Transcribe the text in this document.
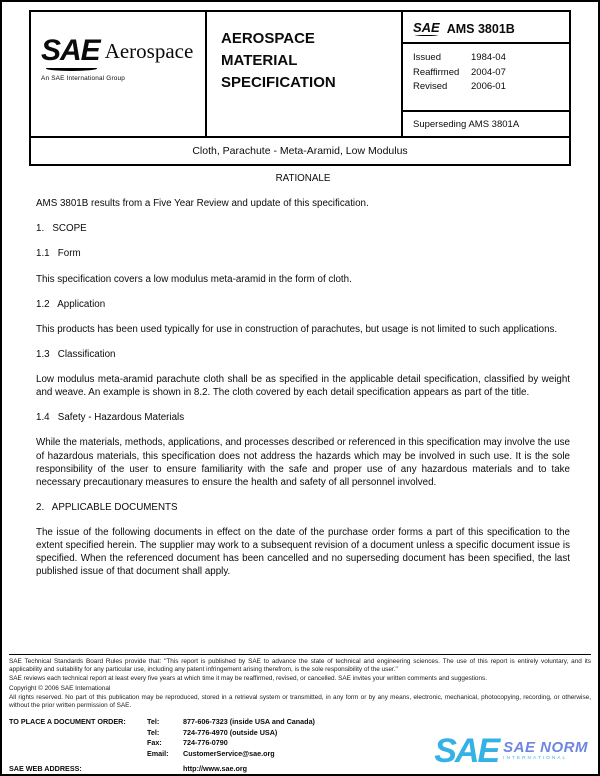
SAE Aerospace
An SAE International Group
AEROSPACE
MATERIAL
SPECIFICATION
SAE AMS 3801B
Issued	1984-04
Reaffirmed	2004-07
Revised	2006-01
Superseding AMS 3801A
Cloth, Parachute - Meta-Aramid, Low Modulus
RATIONALE

AMS 3801B results from a Five Year Review and update of this specification.

1.   SCOPE
1.1   Form

This specification covers a low modulus meta-aramid in the form of cloth.

1.2   Application

This products has been used typically for use in construction of parachutes, but usage is not limited to such applications.

1.3   Classification

Low modulus meta-aramid parachute cloth shall be as specified in the applicable detail specification, classified by weight and weave. An example is shown in 8.2. The cloth covered by each detail specification appears as part of the title.

1.4   Safety - Hazardous Materials

While the materials, methods, applications, and processes described or referenced in this specification may involve the use of hazardous materials, this specification does not address the hazards which may be involved in such use. It is the sole responsibility of the user to ensure familiarity with the safe and proper use of any hazardous materials and to take necessary precautionary measures to ensure the health and safety of all personnel involved.

2.   APPLICABLE DOCUMENTS

The issue of the following documents in effect on the date of the purchase order forms a part of this specification to the extent specified herein. The supplier may work to a subsequent revision of a document unless a specific document issue is specified. When the referenced document has been cancelled and no superseding document has been specified, the last published issue of that document shall apply.

SAE Technical Standards Board Rules provide that: "This report is published by SAE to advance the state of technical and engineering sciences. The use of this report is entirely voluntary, and its applicability and suitability for any particular use, including any patent infringement arising therefrom, is the sole responsibility of the user."
SAE reviews each technical report at least every five years at which time it may be reaffirmed, revised, or cancelled. SAE invites your written comments and suggestions.
Copyright © 2006 SAE International
All rights reserved. No part of this publication may be reproduced, stored in a retrieval system or transmitted, in any form or by any means, electronic, mechanical, photocopying, recording, or otherwise, without the prior written permission of SAE.
TO PLACE A DOCUMENT ORDER:	Tel:	877-606-7323 (inside USA and Canada)
Tel:	724-776-4970 (outside USA)
Fax:	724-776-0790
Email:	CustomerService@sae.org
SAE WEB ADDRESS:	http://www.sae.org	SAE SAE NORM
INTERNATIONAL
